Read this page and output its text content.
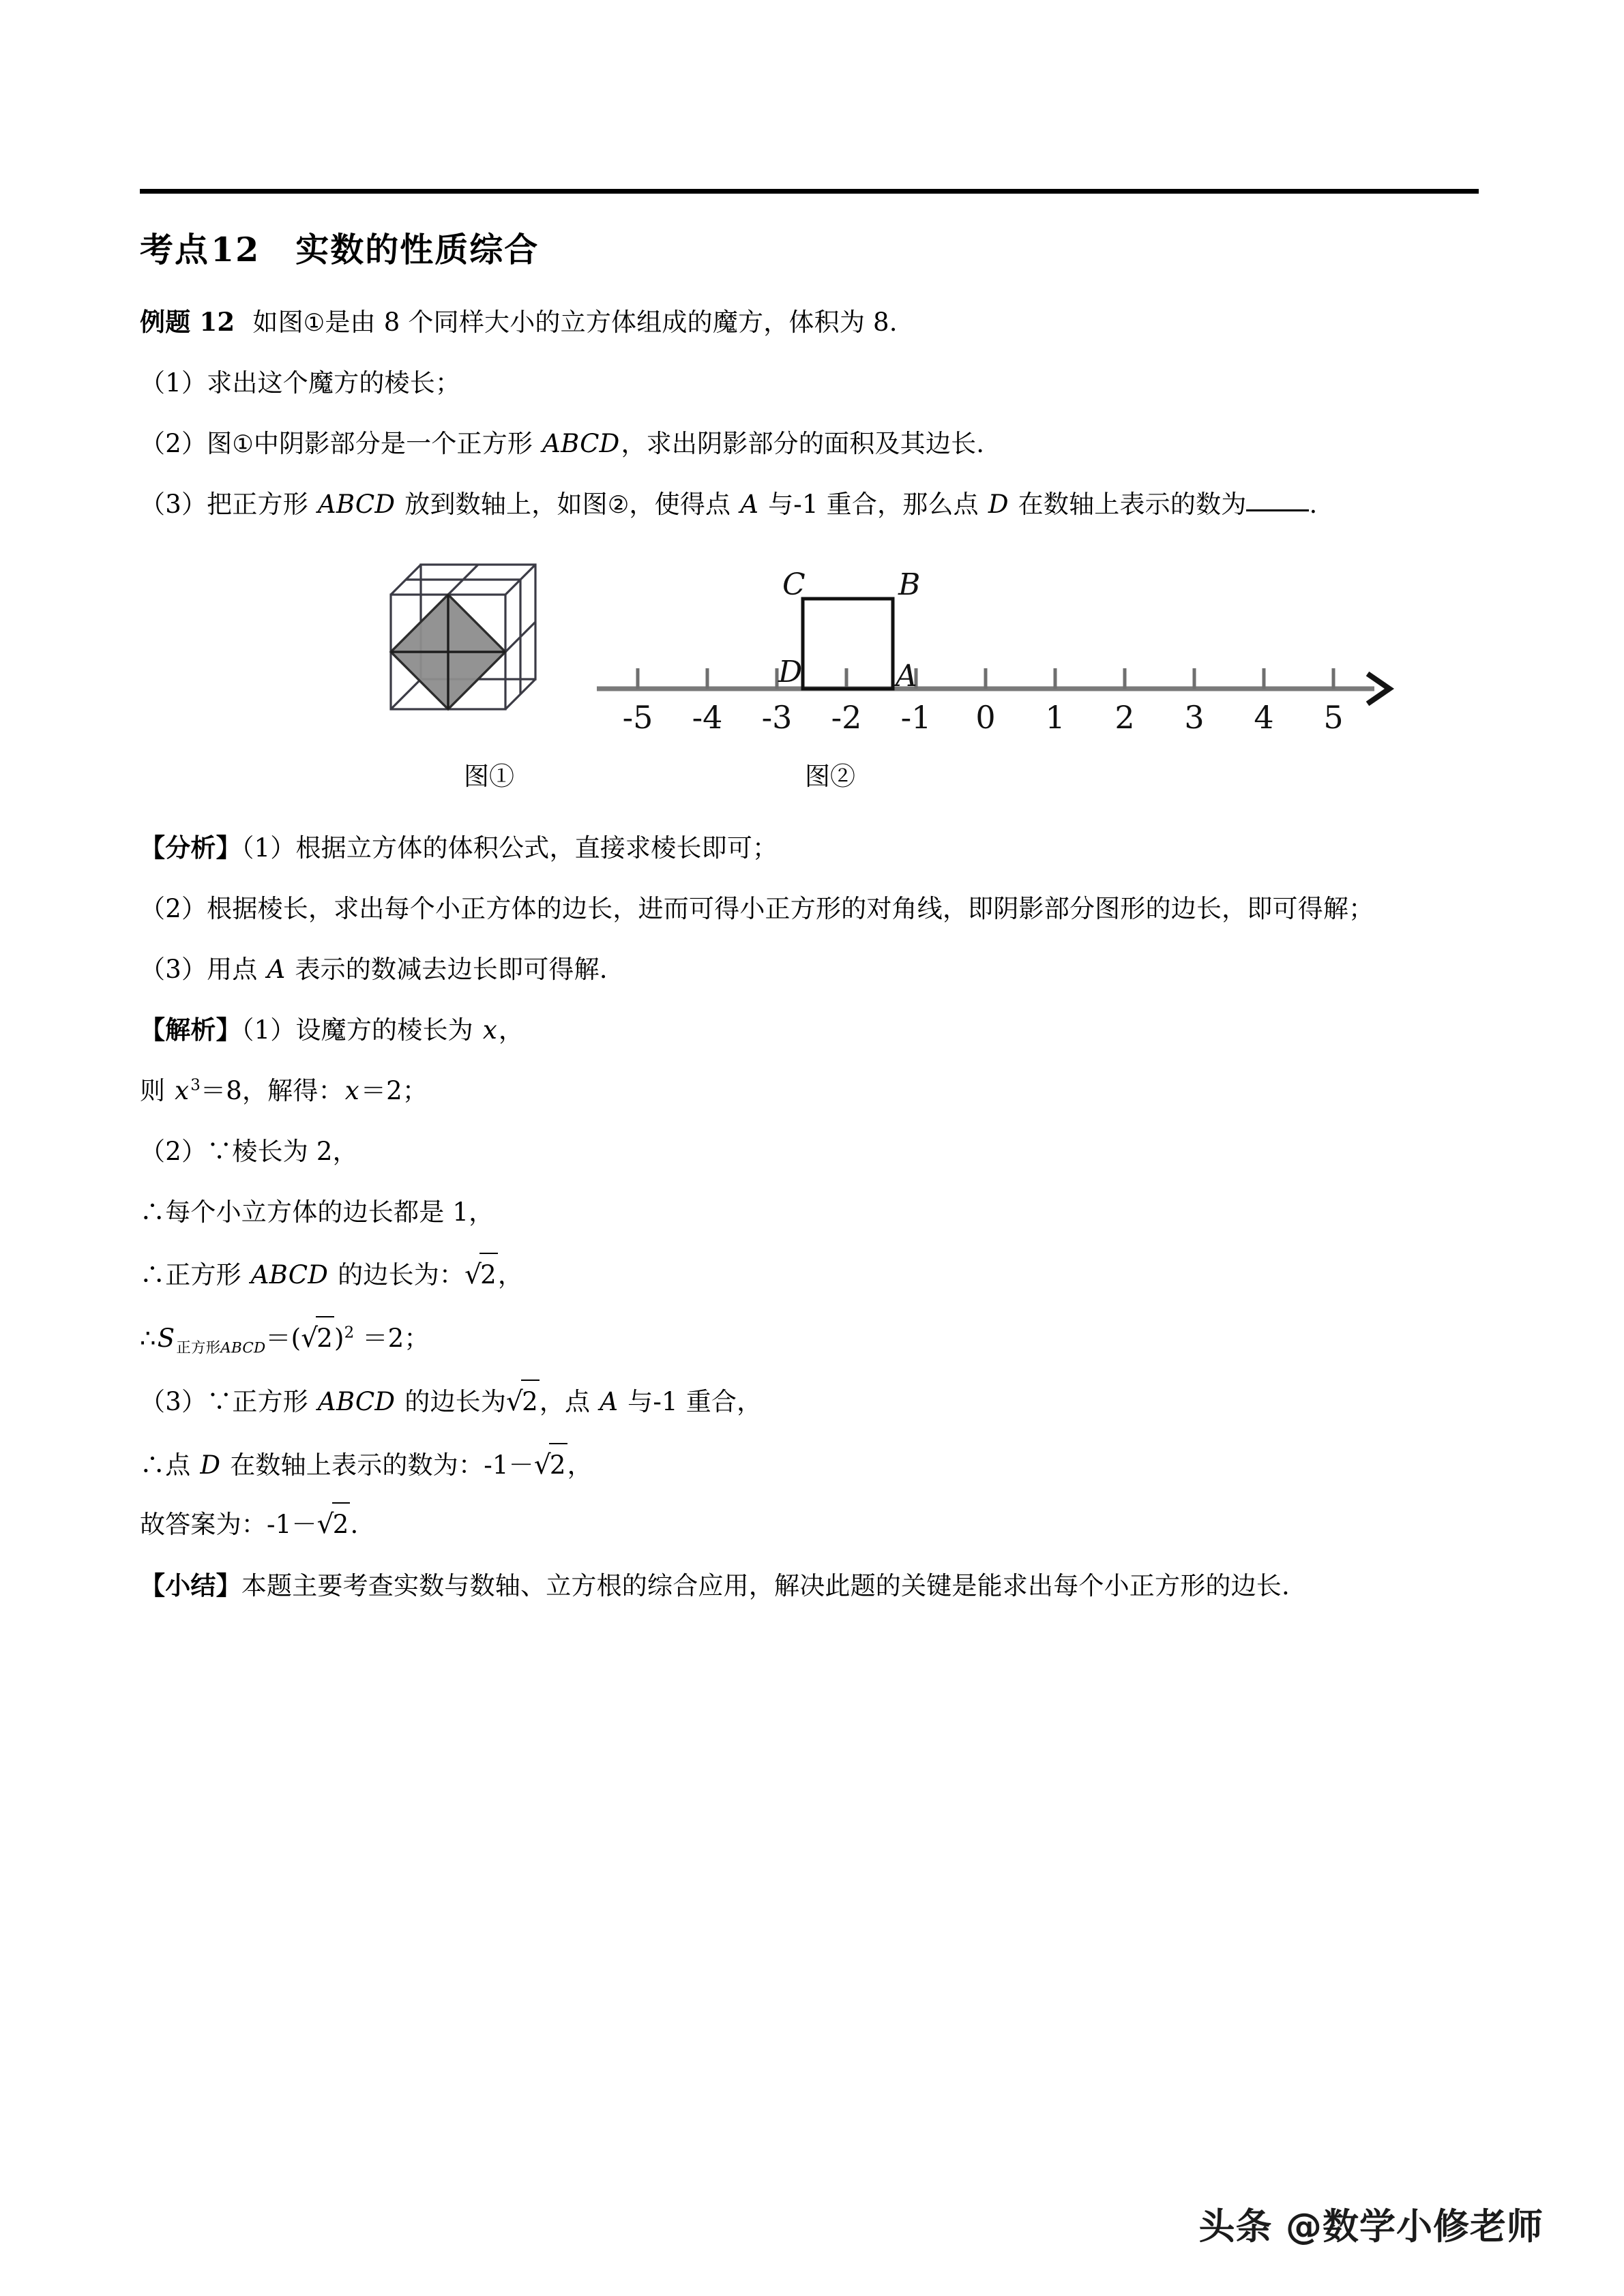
考点12 实数的性质综合

例题 12 如图①是由 8 个同样大小的立方体组成的魔方，体积为 8.

（1）求出这个魔方的棱长；

（2）图①中阴影部分是一个正方形 ABCD，求出阴影部分的面积及其边长.

（3）把正方形 ABCD 放到数轴上，如图②，使得点 A 与‑1 重合，那么点 D 在数轴上表示的数为 .

C	B
D	A
-5 -4 -3 -2 -1 0 1 2 3 4 5
图①	图②

【分析】（1）根据立方体的体积公式，直接求棱长即可；

（2）根据棱长，求出每个小正方体的边长，进而可得小正方形的对角线，即阴影部分图形的边长，即可得解；

（3）用点 A 表示的数减去边长即可得解.

【解析】（1）设魔方的棱长为 x，

则 $x^3=8$，解得：x＝2；

（2）∵棱长为 2，

∴每个小立方体的边长都是 1，

∴正方形 ABCD 的边长为：√2，

$\therefore S_{正方形ABCD}=(√2)^2 =2$；

（3）∵正方形 ABCD 的边长为√2，点 A 与‑1 重合，

∴点 D 在数轴上表示的数为：‑1－√2，

故答案为：‑1－√2.

【小结】本题主要考查实数与数轴、立方根的综合应用，解决此题的关键是能求出每个小正方形的边长.

头条 @数学小修老师
